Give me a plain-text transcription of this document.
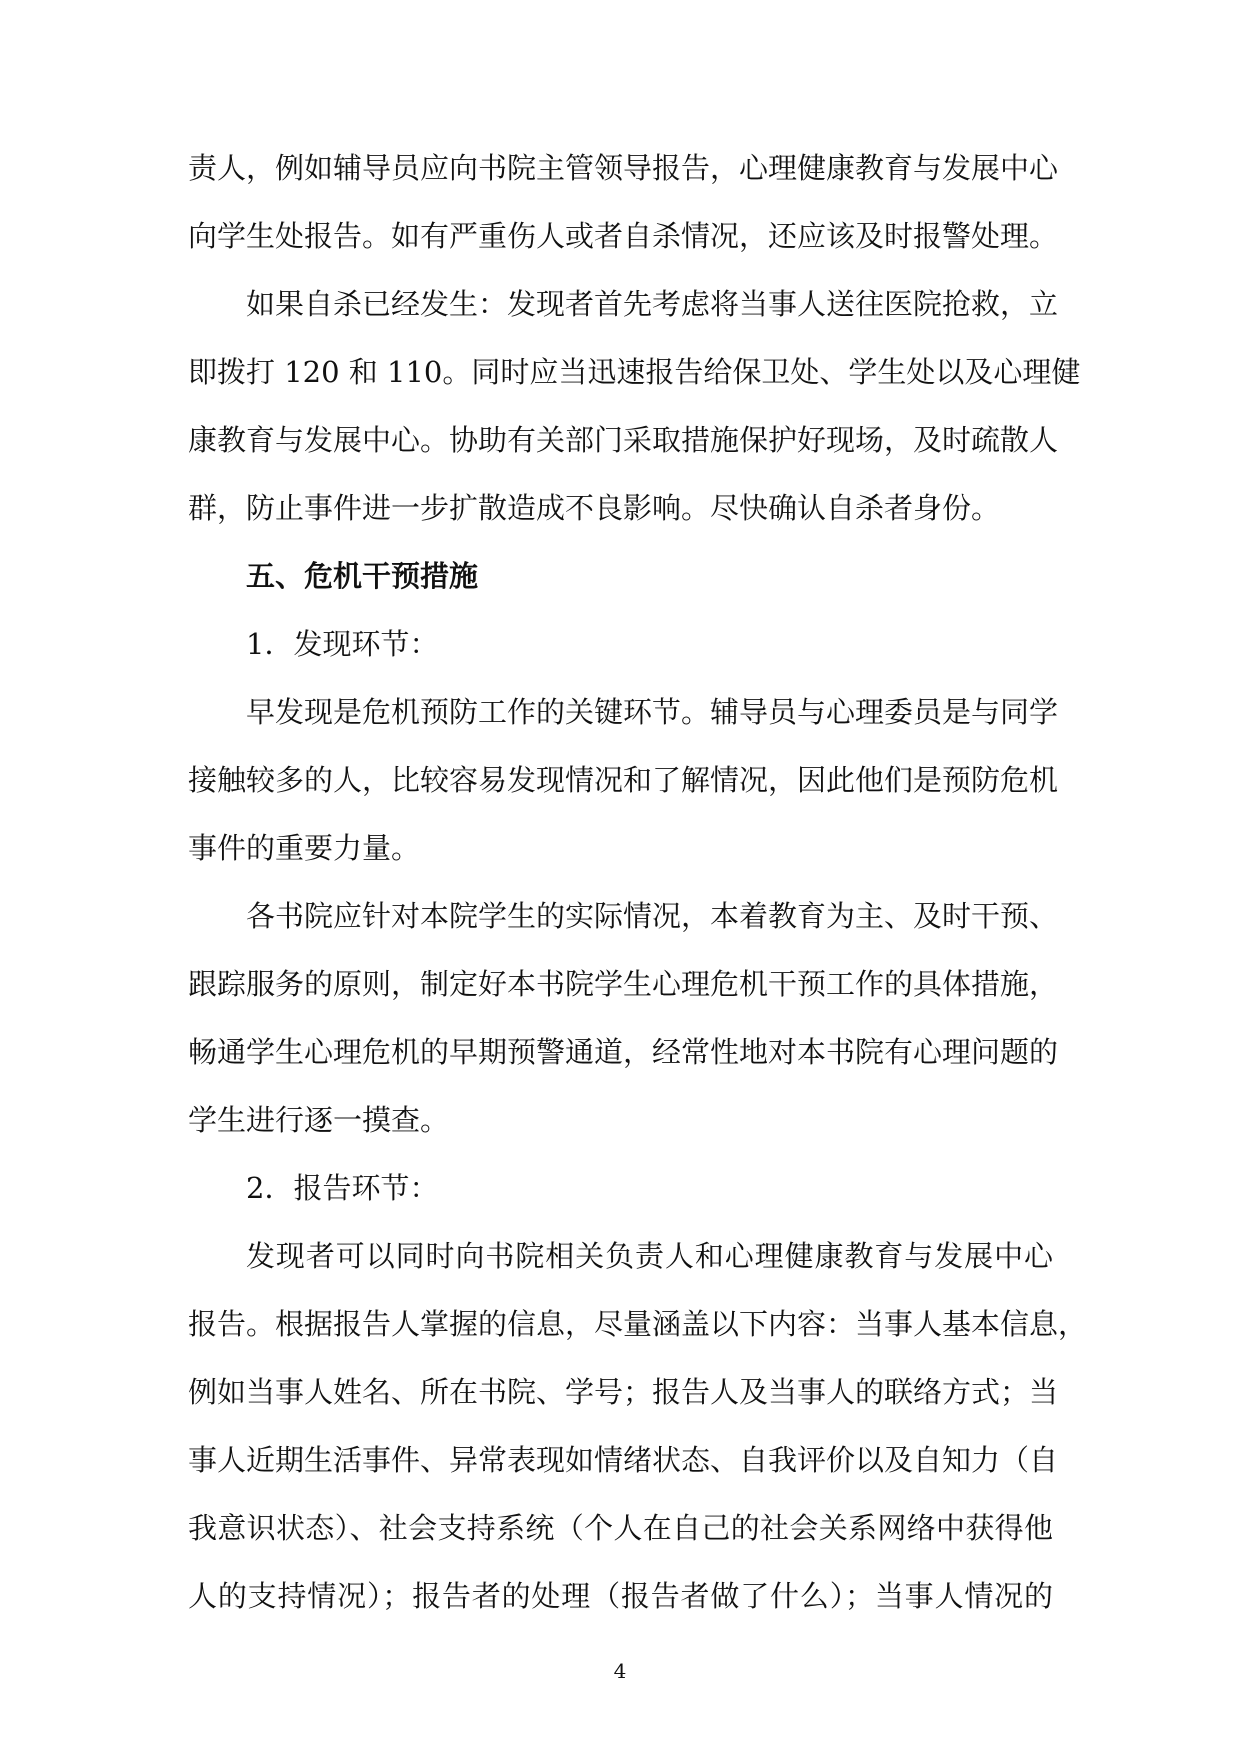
责人，例如辅导员应向书院主管领导报告，心理健康教育与发展中心
向学生处报告。如有严重伤人或者自杀情况，还应该及时报警处理。
如果自杀已经发生：发现者首先考虑将当事人送往医院抢救，立
即拨打 120 和 110。同时应当迅速报告给保卫处、学生处以及心理健
康教育与发展中心。协助有关部门采取措施保护好现场，及时疏散人
群，防止事件进一步扩散造成不良影响。尽快确认自杀者身份。
五、危机干预措施
1．发现环节：
早发现是危机预防工作的关键环节。辅导员与心理委员是与同学
接触较多的人，比较容易发现情况和了解情况，因此他们是预防危机
事件的重要力量。
各书院应针对本院学生的实际情况，本着教育为主、及时干预、
跟踪服务的原则，制定好本书院学生心理危机干预工作的具体措施，
畅通学生心理危机的早期预警通道，经常性地对本书院有心理问题的
学生进行逐一摸查。
2．报告环节：
发现者可以同时向书院相关负责人和心理健康教育与发展中心
报告。根据报告人掌握的信息，尽量涵盖以下内容：当事人基本信息，
例如当事人姓名、所在书院、学号；报告人及当事人的联络方式；当
事人近期生活事件、异常表现如情绪状态、自我评价以及自知力（自
我意识状态）、社会支持系统（个人在自己的社会关系网络中获得他
人的支持情况）；报告者的处理（报告者做了什么）；当事人情况的
4
